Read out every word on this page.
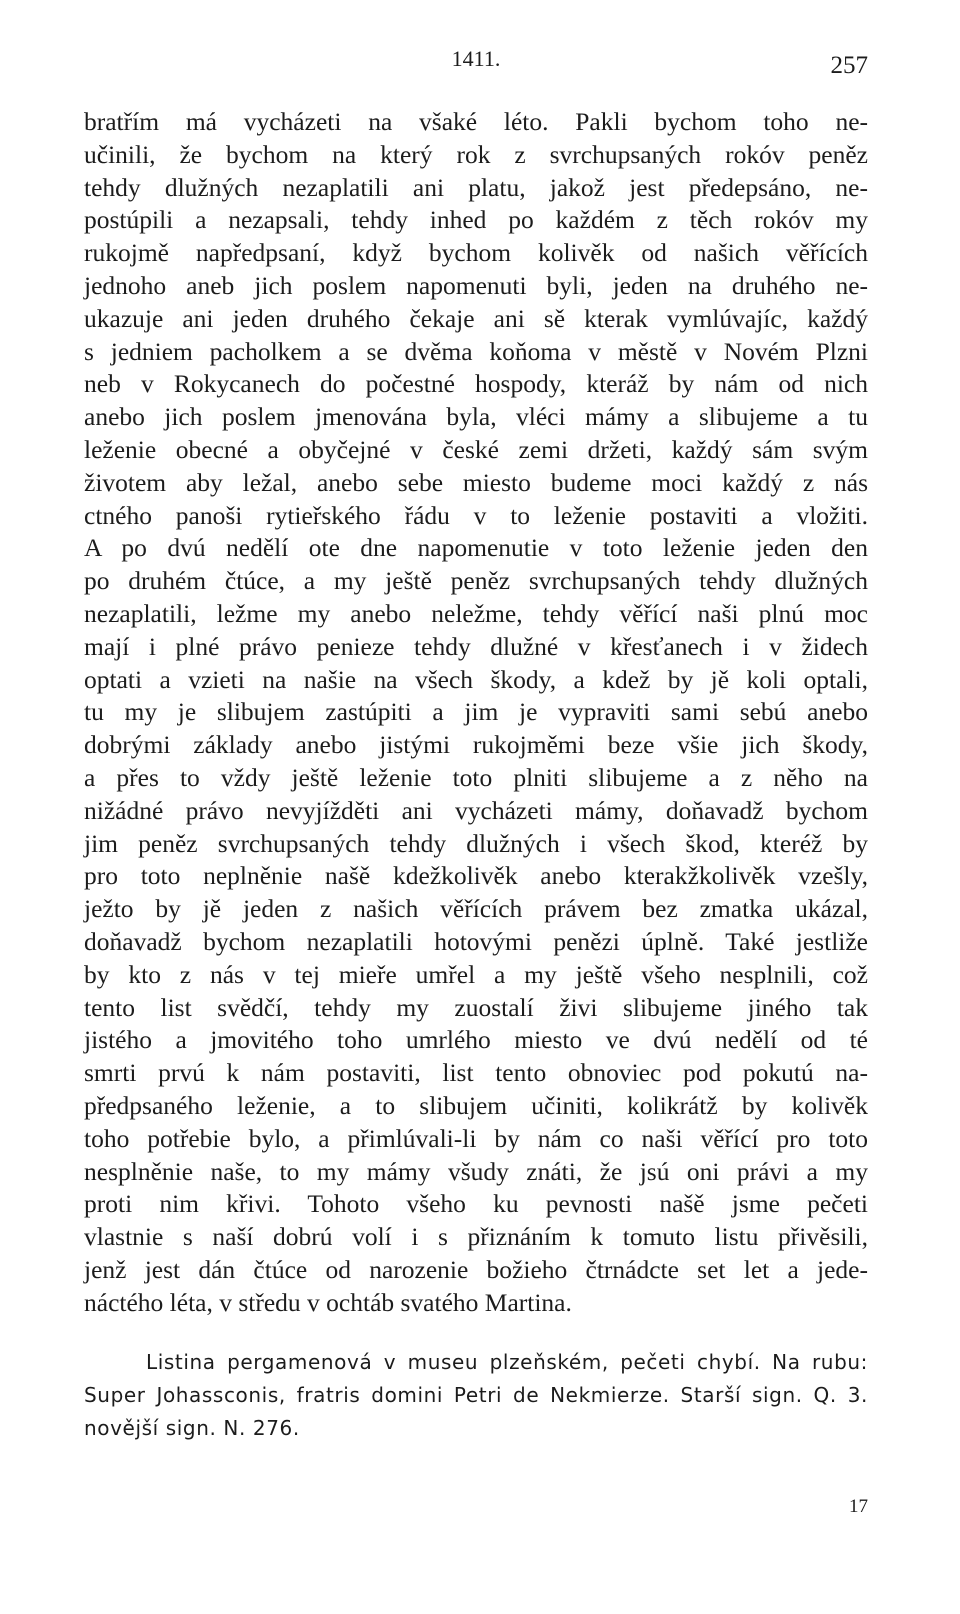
1411.	257
bratřím má vycházeti na všaké léto. Pakli bychom toho ne-
učinili, že bychom na který rok z svrchupsaných rokóv peněz
tehdy dlužných nezaplatili ani platu, jakož jest předepsáno, ne-
postúpili a nezapsali, tehdy inhed po každém z těch rokóv my
rukojmě napředpsaní, když bychom kolivěk od našich věřících
jednoho aneb jich poslem napomenuti byli, jeden na druhého ne-
ukazuje ani jeden druhého čekaje ani sě kterak vymlúvajíc, každý
s jedniem pacholkem a se dvěma koňoma v městě v Novém Plzni
neb v Rokycanech do počestné hospody, kteráž by nám od nich
anebo jich poslem jmenována byla, vléci mámy a slibujeme a tu
leženie obecné a obyčejné v české zemi držeti, každý sám svým
životem aby ležal, anebo sebe miesto budeme moci každý z nás
ctného panoši rytieřského řádu v to leženie postaviti a vložiti.
A po dvú nedělí ote dne napomenutie v toto leženie jeden den
po druhém čtúce, a my ještě peněz svrchupsaných tehdy dlužných
nezaplatili, ležme my anebo neležme, tehdy věřící naši plnú moc
mají i plné právo penieze tehdy dlužné v křesťanech i v židech
optati a vzieti na našie na všech škody, a kdež by jě koli optali,
tu my je slibujem zastúpiti a jim je vypraviti sami sebú anebo
dobrými základy anebo jistými rukojměmi beze všie jich škody,
a přes to vždy ještě leženie toto plniti slibujeme a z něho na
nižádné právo nevyjížděti ani vycházeti mámy, doňavadž bychom
jim peněz svrchupsaných tehdy dlužných i všech škod, kteréž by
pro toto neplněnie našě kdežkolivěk anebo kterakžkolivěk vzešly,
ježto by jě jeden z našich věřících právem bez zmatka ukázal,
doňavadž bychom nezaplatili hotovými penězi úplně. Také jestliže
by kto z nás v tej mieře umřel a my ještě všeho nesplnili, což
tento list svědčí, tehdy my zuostalí živi slibujeme jiného tak
jistého a jmovitého toho umrlého miesto ve dvú nedělí od té
smrti prvú k nám postaviti, list tento obnoviec pod pokutú na-
předpsaného leženie, a to slibujem učiniti, kolikrátž by kolivěk
toho potřebie bylo, a přimlúvali-li by nám co naši věřící pro toto
nesplněnie naše, to my mámy všudy znáti, že jsú oni právi a my
proti nim křivi. Tohoto všeho ku pevnosti našě jsme pečeti
vlastnie s naší dobrú volí i s přiznáním k tomuto listu přivěsili,
jenž jest dán čtúce od narozenie božieho čtrnádcte set let a jede-
náctého léta, v středu v ochtáb svatého Martina.
Listina pergamenová v museu plzeňském, pečeti chybí. Na rubu:
Super Johassconis, fratris domini Petri de Nekmierze. Starší sign. Q. 3.
novější sign. N. 276.
17
